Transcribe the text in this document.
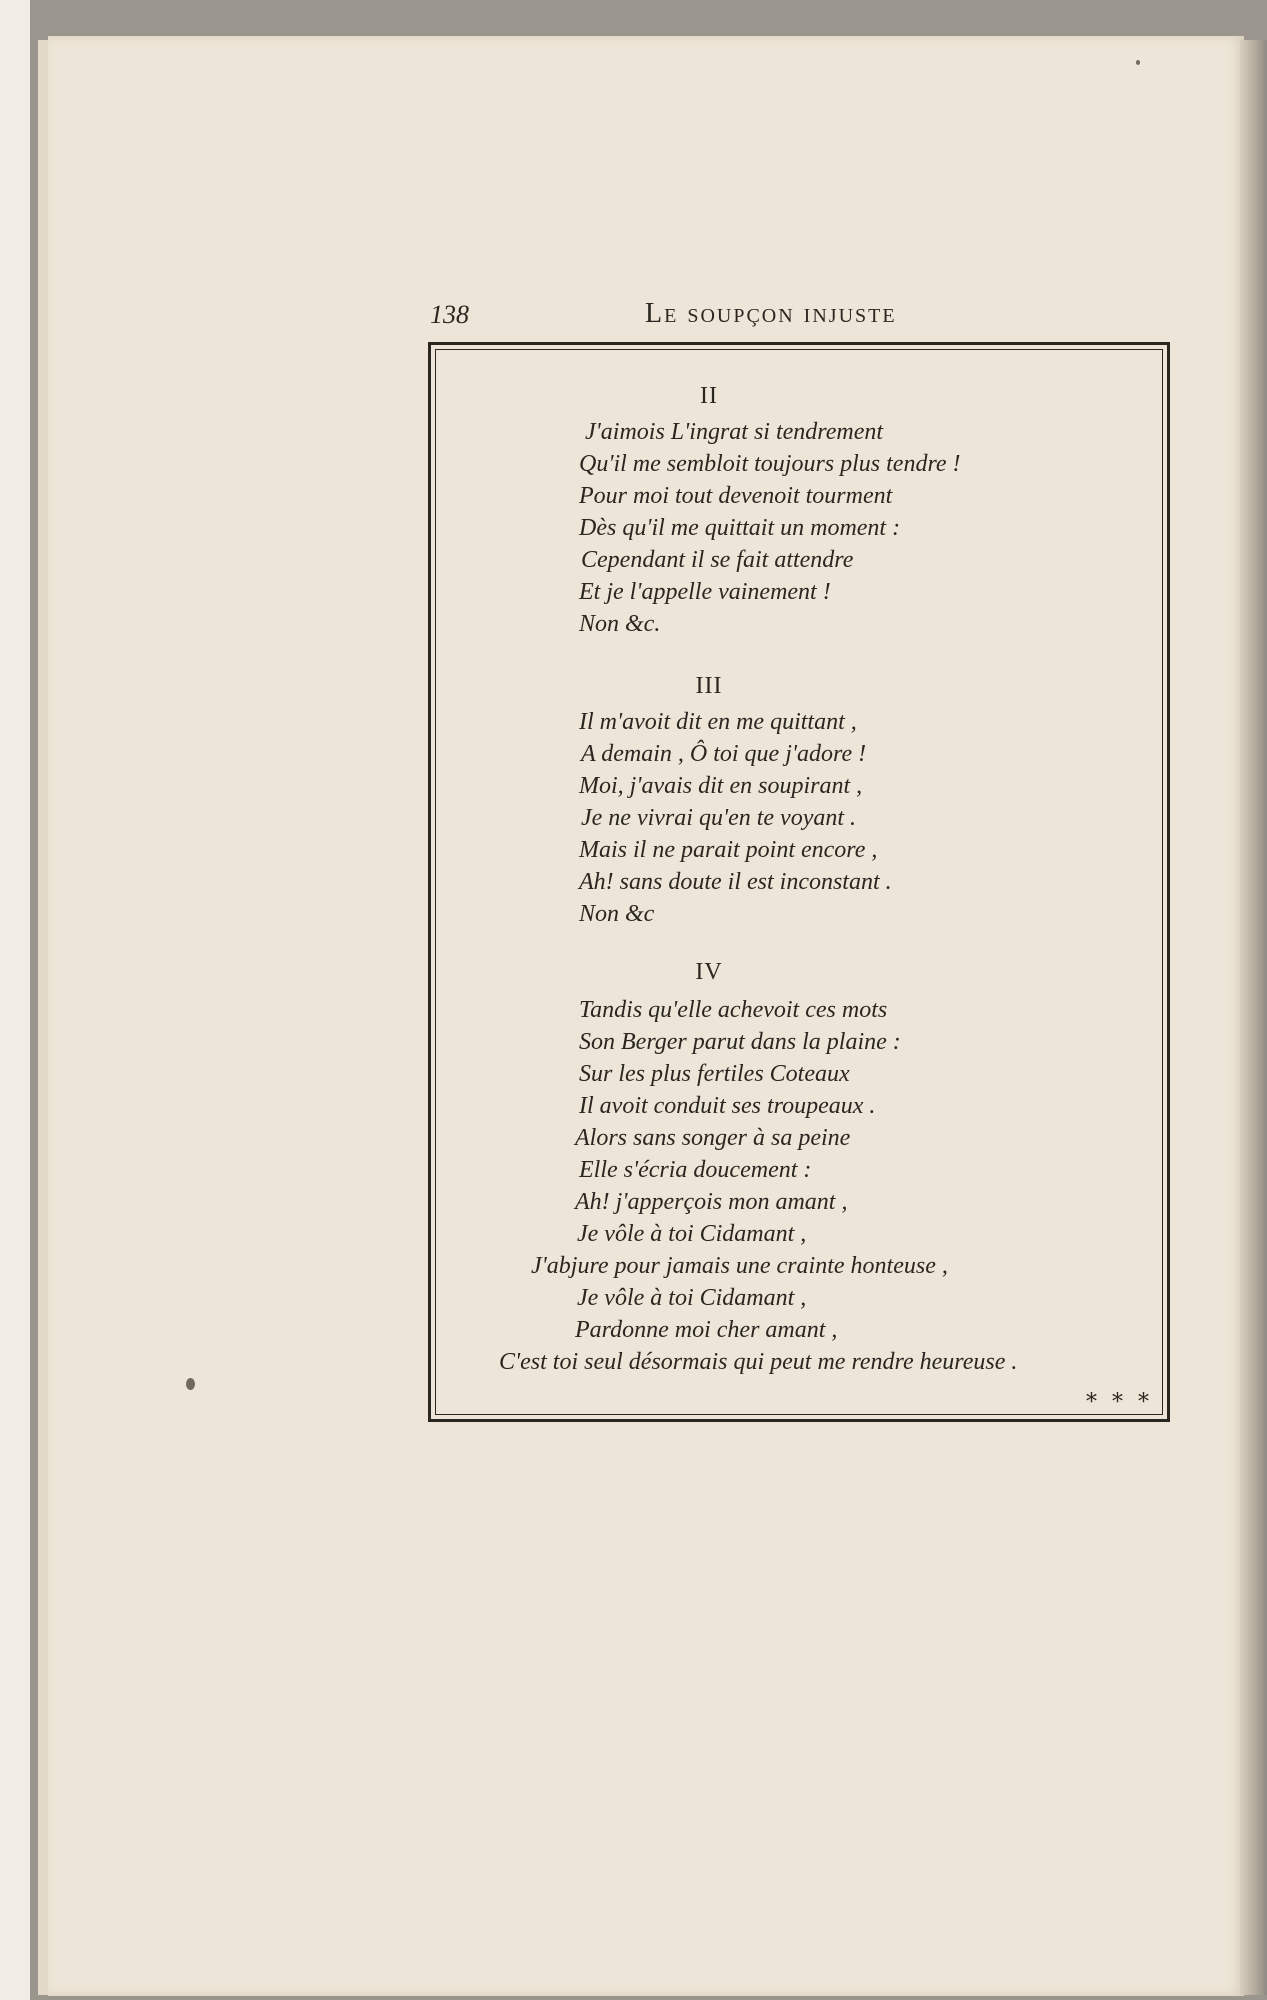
138	Le soupçon injuste
II
J'aimois L'ingrat si tendrement
Qu'il me sembloit toujours plus tendre !
Pour moi tout devenoit tourment
Dès qu'il me quittait un moment :
Cependant il se fait attendre
Et je l'appelle vainement !
Non &c.
III
Il m'avoit dit en me quittant ,
A demain , Ô toi que j'adore !
Moi, j'avais dit en soupirant ,
Je ne vivrai qu'en te voyant .
Mais il ne parait point encore ,
Ah! sans doute il est inconstant .
Non &c
IV
Tandis qu'elle achevoit ces mots
Son Berger parut dans la plaine :
Sur les plus fertiles Coteaux
Il avoit conduit ses troupeaux .
Alors sans songer à sa peine
Elle s'écria doucement :
Ah! j'apperçois mon amant ,
Je vôle à toi Cidamant ,
J'abjure pour jamais une crainte honteuse ,
Je vôle à toi Cidamant ,
Pardonne moi cher amant ,
C'est toi seul désormais qui peut me rendre heureuse .
* * *
